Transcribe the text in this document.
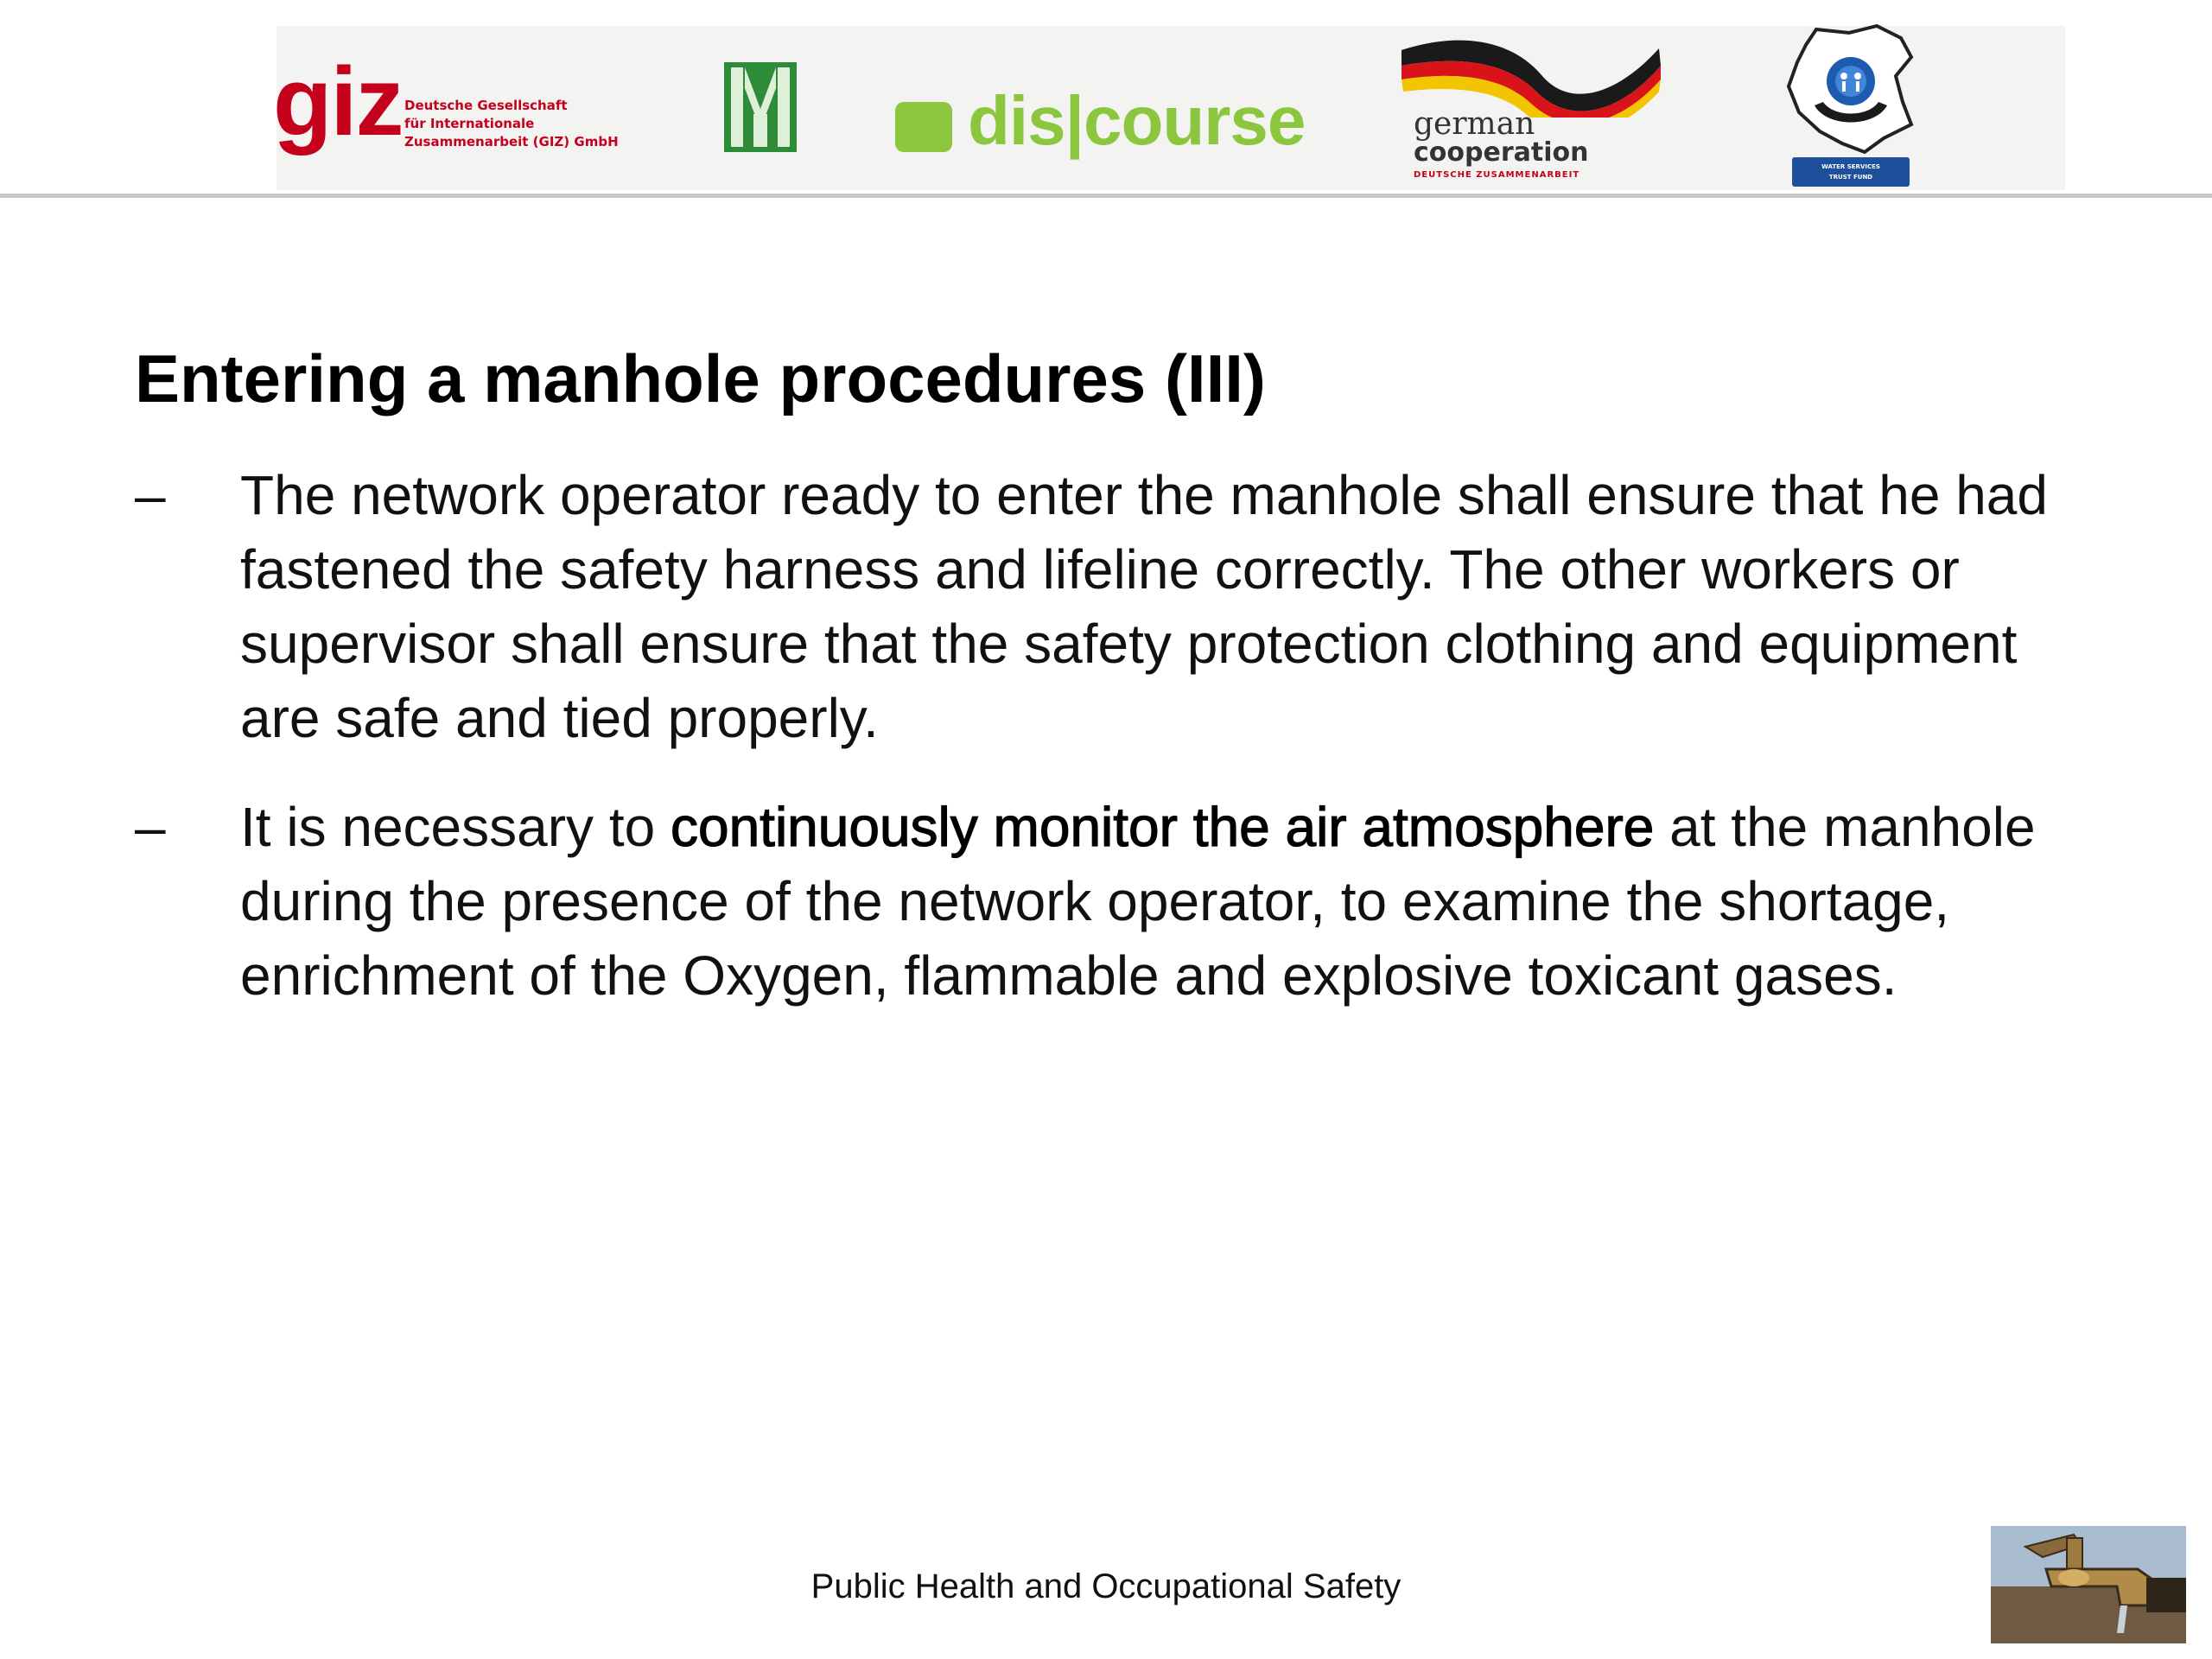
giz Deutsche Gesellschaft
für Internationale
Zusammenarbeit (GIZ) GmbH	dis|course	german
cooperation
DEUTSCHE ZUSAMMENARBEIT
WATER SERVICES
TRUST FUND
Entering a manhole procedures (III)
– The network operator ready to enter the manhole shall ensure that he had fastened the safety harness and lifeline correctly. The other workers or supervisor shall ensure that the safety protection clothing and equipment are safe and tied properly.
– It is necessary to continuously monitor the air atmosphere at the manhole during the presence of the network operator, to examine the shortage, enrichment of the Oxygen, flammable and explosive toxicant gases.
Public Health and Occupational Safety
